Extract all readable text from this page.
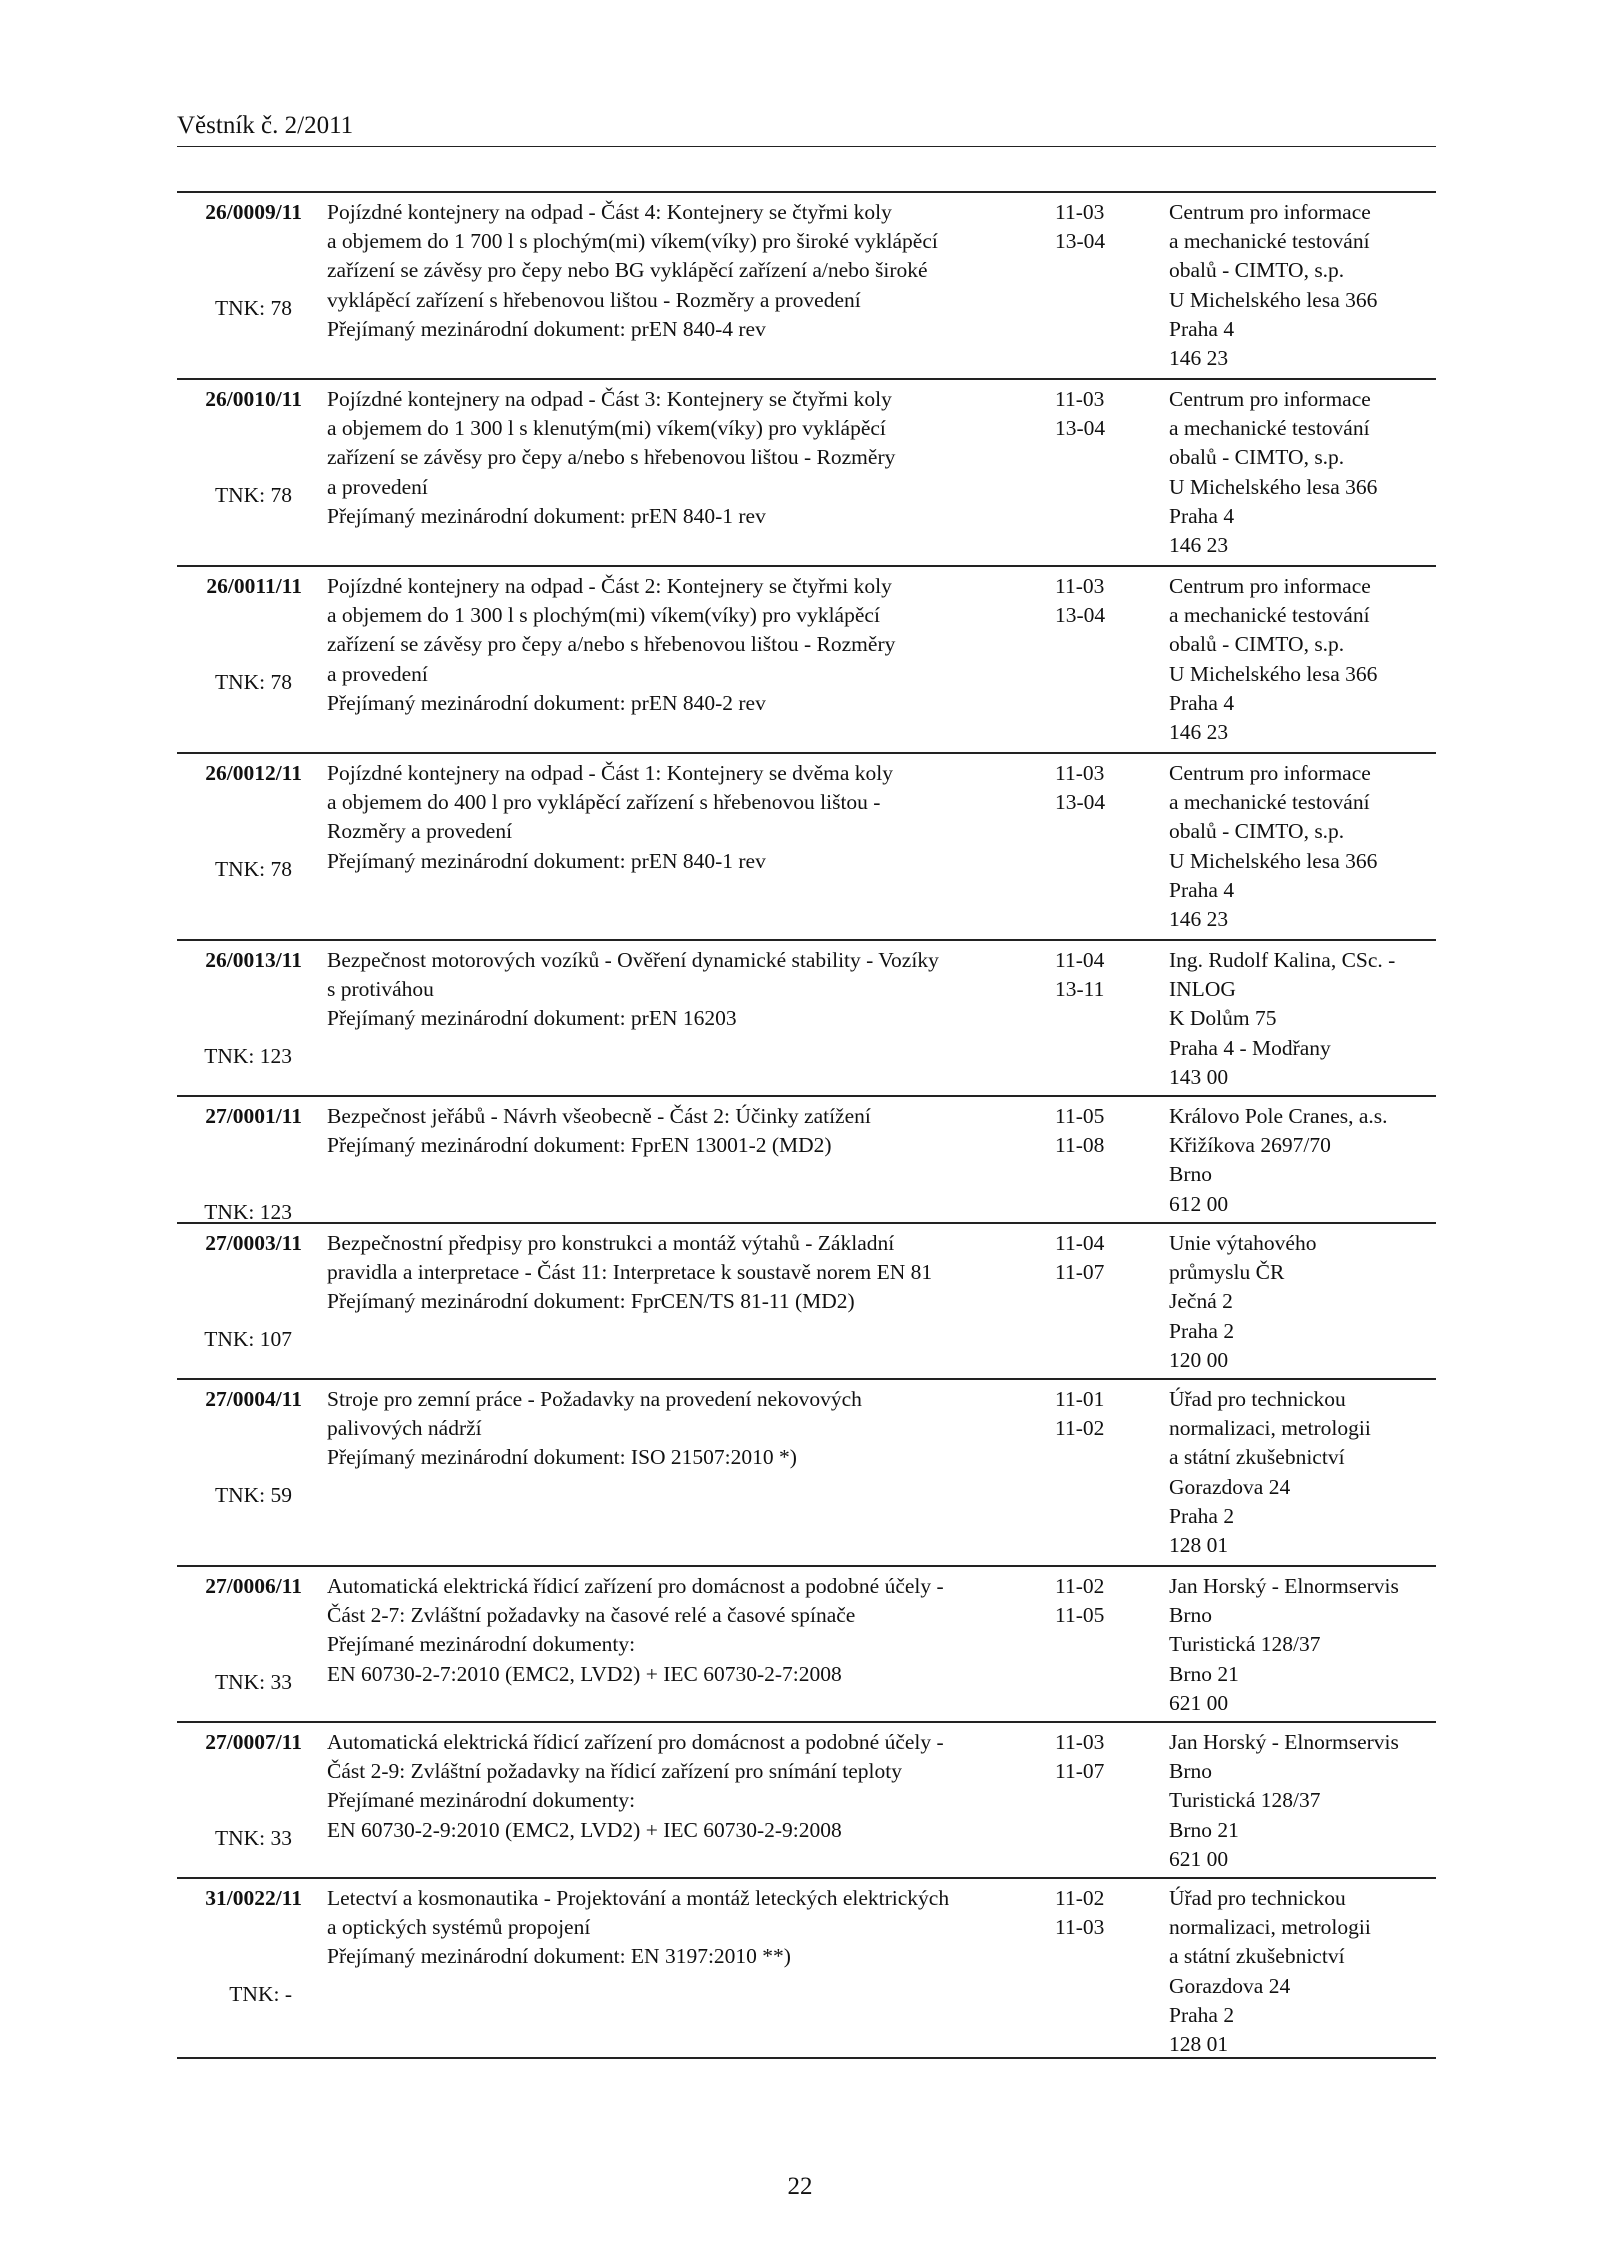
Věstník č. 2/2011
26/0009/11
TNK: 78
Pojízdné kontejnery na odpad - Část 4: Kontejnery se čtyřmi koly
a objemem do 1 700 l s plochým(mi) víkem(víky) pro široké vyklápěcí
zařízení se závěsy pro čepy nebo BG vyklápěcí zařízení a/nebo široké
vyklápěcí zařízení s hřebenovou lištou - Rozměry a provedení
Přejímaný mezinárodní dokument: prEN 840-4 rev
11-03
13-04
Centrum pro informace
a mechanické testování
obalů - CIMTO, s.p.
U Michelského lesa 366
Praha 4
146 23
26/0010/11
TNK: 78
Pojízdné kontejnery na odpad - Část 3: Kontejnery se čtyřmi koly
a objemem do 1 300 l s klenutým(mi) víkem(víky) pro vyklápěcí
zařízení se závěsy pro čepy a/nebo s hřebenovou lištou - Rozměry
a provedení
Přejímaný mezinárodní dokument: prEN 840-1 rev
11-03
13-04
Centrum pro informace
a mechanické testování
obalů - CIMTO, s.p.
U Michelského lesa 366
Praha 4
146 23
26/0011/11
TNK: 78
Pojízdné kontejnery na odpad - Část 2: Kontejnery se čtyřmi koly
a objemem do 1 300 l s plochým(mi) víkem(víky) pro vyklápěcí
zařízení se závěsy pro čepy a/nebo s hřebenovou lištou - Rozměry
a provedení
Přejímaný mezinárodní dokument: prEN 840-2 rev
11-03
13-04
Centrum pro informace
a mechanické testování
obalů - CIMTO, s.p.
U Michelského lesa 366
Praha 4
146 23
26/0012/11
TNK: 78
Pojízdné kontejnery na odpad - Část 1: Kontejnery se dvěma koly
a objemem do 400 l pro vyklápěcí zařízení s hřebenovou lištou -
Rozměry a provedení
Přejímaný mezinárodní dokument: prEN 840-1 rev
11-03
13-04
Centrum pro informace
a mechanické testování
obalů - CIMTO, s.p.
U Michelského lesa 366
Praha 4
146 23
26/0013/11
TNK: 123
Bezpečnost motorových vozíků - Ověření dynamické stability - Vozíky
s protiváhou
Přejímaný mezinárodní dokument: prEN 16203
11-04
13-11
Ing. Rudolf Kalina, CSc. -
INLOG
K Dolům 75
Praha 4 - Modřany
143 00
27/0001/11
TNK: 123
Bezpečnost jeřábů - Návrh všeobecně - Část 2: Účinky zatížení
Přejímaný mezinárodní dokument: FprEN 13001-2 (MD2)
11-05
11-08
Královo Pole Cranes, a.s.
Křižíkova 2697/70
Brno
612 00
27/0003/11
TNK: 107
Bezpečnostní předpisy pro konstrukci a montáž výtahů - Základní
pravidla a interpretace - Část 11: Interpretace k soustavě norem EN 81
Přejímaný mezinárodní dokument: FprCEN/TS 81-11 (MD2)
11-04
11-07
Unie výtahového
průmyslu ČR
Ječná 2
Praha 2
120 00
27/0004/11
TNK: 59
Stroje pro zemní práce - Požadavky na provedení nekovových
palivových nádrží
Přejímaný mezinárodní dokument: ISO 21507:2010 *)
11-01
11-02
Úřad pro technickou
normalizaci, metrologii
a státní zkušebnictví
Gorazdova 24
Praha 2
128 01
27/0006/11
TNK: 33
Automatická elektrická řídicí zařízení pro domácnost a podobné účely -
Část 2-7: Zvláštní požadavky na časové relé a časové spínače
Přejímané mezinárodní dokumenty:
EN 60730-2-7:2010 (EMC2, LVD2) + IEC 60730-2-7:2008
11-02
11-05
Jan Horský - Elnormservis
Brno
Turistická 128/37
Brno 21
621 00
27/0007/11
TNK: 33
Automatická elektrická řídicí zařízení pro domácnost a podobné účely -
Část 2-9: Zvláštní požadavky na řídicí zařízení pro snímání teploty
Přejímané mezinárodní dokumenty:
EN 60730-2-9:2010 (EMC2, LVD2) + IEC 60730-2-9:2008
11-03
11-07
Jan Horský - Elnormservis
Brno
Turistická 128/37
Brno 21
621 00
31/0022/11
TNK: -
Letectví a kosmonautika - Projektování a montáž leteckých elektrických
a optických systémů propojení
Přejímaný mezinárodní dokument: EN 3197:2010 **)
11-02
11-03
Úřad pro technickou
normalizaci, metrologii
a státní zkušebnictví
Gorazdova 24
Praha 2
128 01
22
